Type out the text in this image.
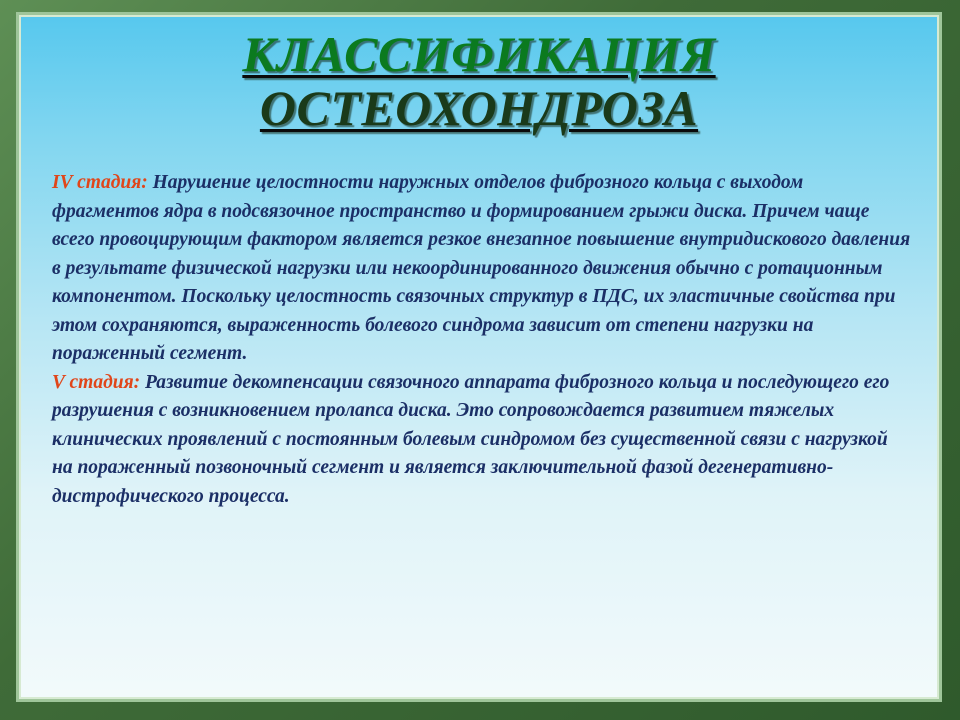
КЛАССИФИКАЦИЯ
ОСТЕОХОНДРОЗА

IV стадия: Нарушение целостности наружных отделов фиброзного кольца с выходом фрагментов ядра в подсвязочное пространство и формированием грыжи диска. Причем чаще всего провоцирующим фактором является резкое внезапное повышение внутридискового давления в результате физической нагрузки или некоординированного движения обычно с ротационным компонентом. Поскольку целостность связочных структур в ПДС, их эластичные свойства при этом сохраняются, выраженность болевого синдрома зависит от степени нагрузки на пораженный сегмент.

V стадия: Развитие декомпенсации связочного аппарата фиброзного кольца и последующего его разрушения с возникновением пролапса диска. Это сопровождается развитием тяжелых клинических проявлений с постоянным болевым синдромом без существенной связи с нагрузкой на пораженный позвоночный сегмент и является заключительной фазой дегенеративно-дистрофического процесса.
